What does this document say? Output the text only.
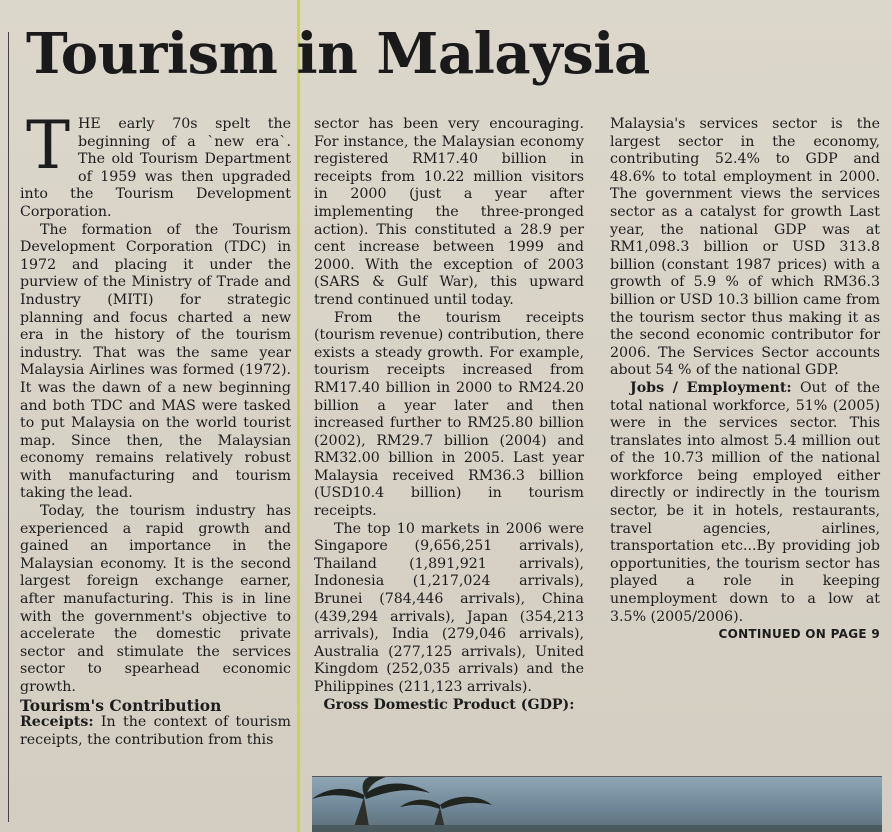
Tourism in Malaysia
T HE early 70s spelt the beginning of a `new era`. The old Tourism Department of 1959 was then upgraded into the Tourism Development Corporation.

The formation of the Tourism Development Corporation (TDC) in 1972 and placing it under the purview of the Ministry of Trade and Industry (MITI) for strategic planning and focus charted a new era in the history of the tourism industry. That was the same year Malaysia Airlines was formed (1972). It was the dawn of a new beginning and both TDC and MAS were tasked to put Malaysia on the world tourist map. Since then, the Malaysian economy remains relatively robust with manufacturing and tourism taking the lead.

Today, the tourism industry has experienced a rapid growth and gained an importance in the Malaysian economy. It is the second largest foreign exchange earner, after manufacturing. This is in line with the government's objective to accelerate the domestic private sector and stimulate the services sector to spearhead economic growth.

Tourism's Contribution

Receipts: In the context of tourism receipts, the contribution from this

sector has been very encouraging. For instance, the Malaysian economy registered RM17.40 billion in receipts from 10.22 million visitors in 2000 (just a year after implementing the three-pronged action). This constituted a 28.9 per cent increase between 1999 and 2000. With the exception of 2003 (SARS & Gulf War), this upward trend continued until today.

From the tourism receipts (tourism revenue) contribution, there exists a steady growth. For example, tourism receipts increased from RM17.40 billion in 2000 to RM24.20 billion a year later and then increased further to RM25.80 billion (2002), RM29.7 billion (2004) and RM32.00 billion in 2005. Last year Malaysia received RM36.3 billion (USD10.4 billion) in tourism receipts.

The top 10 markets in 2006 were Singapore (9,656,251 arrivals), Thailand (1,891,921 arrivals), Indonesia (1,217,024 arrivals), Brunei (784,446 arrivals), China (439,294 arrivals), Japan (354,213 arrivals), India (279,046 arrivals), Australia (277,125 arrivals), United Kingdom (252,035 arrivals) and the Philippines (211,123 arrivals).

Gross Domestic Product (GDP):

Malaysia's services sector is the largest sector in the economy, contributing 52.4% to GDP and 48.6% to total employment in 2000. The government views the services sector as a catalyst for growth Last year, the national GDP was at RM1,098.3 billion or USD 313.8 billion (constant 1987 prices) with a growth of 5.9 % of which RM36.3 billion or USD 10.3 billion came from the tourism sector thus making it as the second economic contributor for 2006. The Services Sector accounts about 54 % of the national GDP.

Jobs / Employment: Out of the total national workforce, 51% (2005) were in the services sector. This translates into almost 5.4 million out of the 10.73 million of the national workforce being employed either directly or indirectly in the tourism sector, be it in hotels, restaurants, travel agencies, airlines, transportation etc...By providing job opportunities, the tourism sector has played a role in keeping unemployment down to a low at 3.5% (2005/2006).

CONTINUED ON PAGE 9
